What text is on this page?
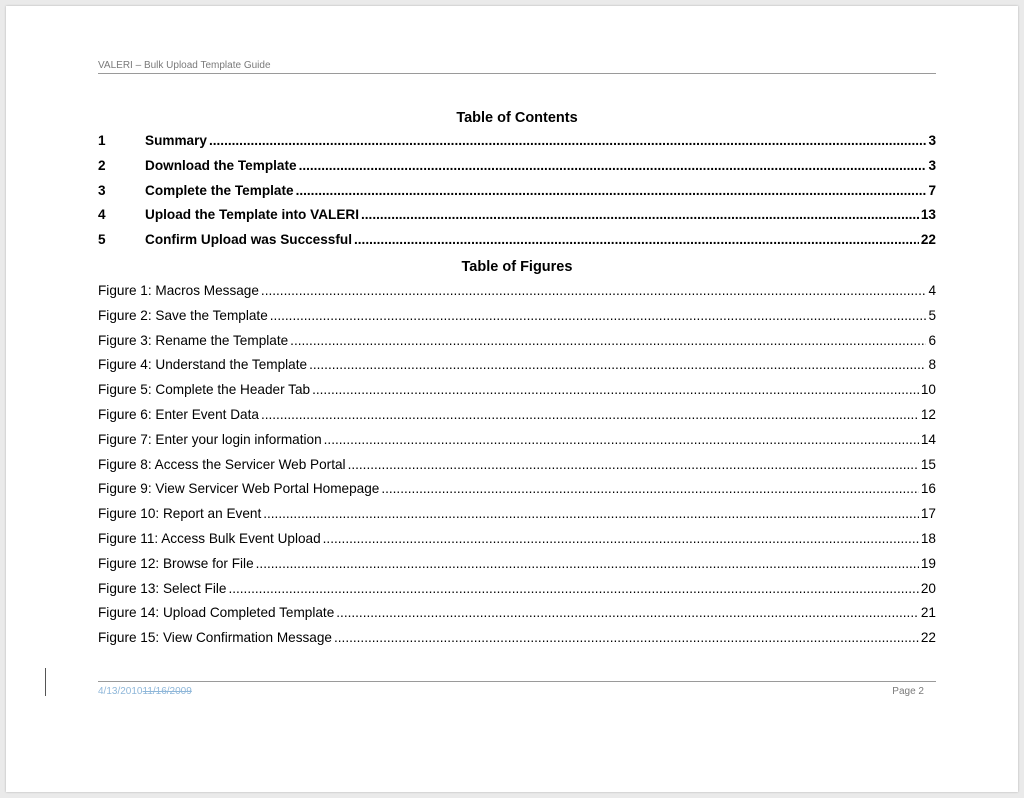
VALERI – Bulk Upload Template Guide
Table of Contents
1	Summary .....	3
2	Download the Template .....	3
3	Complete the Template .....	7
4	Upload the Template into VALERI .....	13
5	Confirm Upload was Successful .....	22
Table of Figures
Figure 1: Macros Message .....	4
Figure 2: Save the Template .....	5
Figure 3: Rename the Template .....	6
Figure 4: Understand the Template .....	8
Figure 5: Complete the Header Tab .....	10
Figure 6: Enter Event Data .....	12
Figure 7: Enter your login information .....	14
Figure 8: Access the Servicer Web Portal .....	15
Figure 9: View Servicer Web Portal Homepage .....	16
Figure 10: Report an Event .....	17
Figure 11: Access Bulk Event Upload .....	18
Figure 12: Browse for File .....	19
Figure 13: Select File .....	20
Figure 14: Upload Completed Template .....	21
Figure 15: View Confirmation Message .....	22
4/13/201011/16/2009	Page 2
